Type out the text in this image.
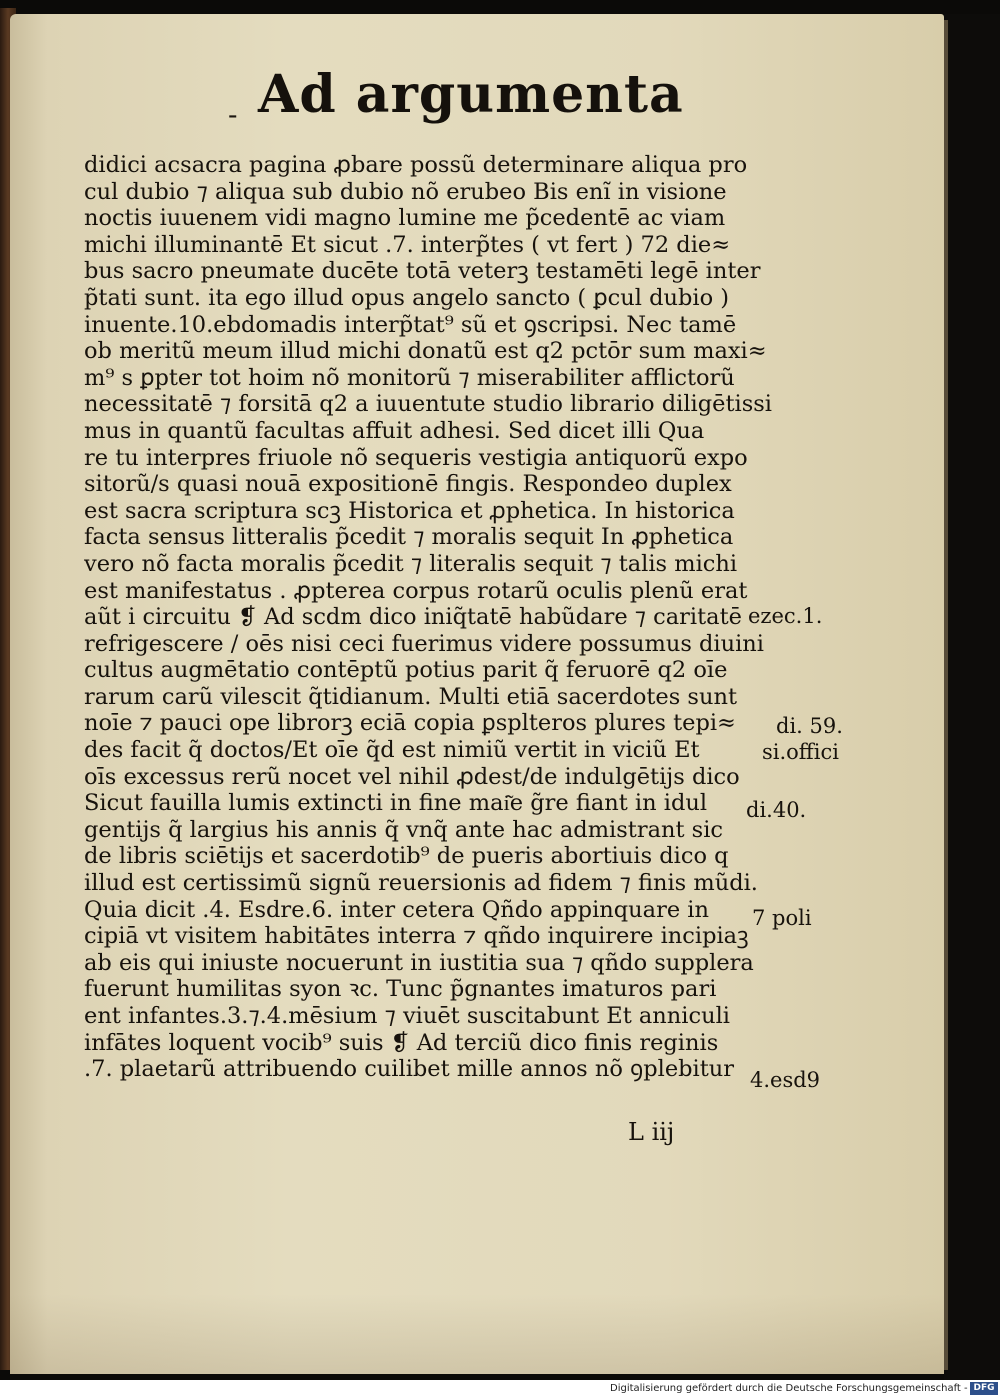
- Ad argumenta
didici acsacra pagina ꝓbare possũ determinare aliqua pro
cul dubio ⁊ aliqua sub dubio nõ erubeo Bis enĩ in visione
noctis iuuenem vidi magno lumine me p̃cedentē ac viam
michi illuminantē Et sicut .7. interp̃tes ( vt fert ) 72 die≈
bus sacro pneumate ducēte totā veterꝫ testamēti legē inter
p̃tati sunt. ita ego illud opus angelo sancto ( ꝑcul dubio )
inuente.10.ebdomadis interp̃tat⁹ sũ et ꝯscripsi. Nec tamē
ob meritũ meum illud michi donatũ est q2 pctōr sum maxi≈
m⁹ s ꝑpter tot hoim nõ monitorũ ⁊ miserabiliter afflictorũ
necessitatē ⁊ forsitā q2 a iuuentute studio librario diligētissi
mus in quantũ facultas affuit adhesi. Sed dicet illi Qua
re tu interpres friuole nõ sequeris vestigia antiquorũ expo
sitorũ/s quasi nouā expositionē fingis. Respondeo duplex
est sacra scriptura scꝫ Historica et ꝓphetica. In historica
facta sensus litteralis p̃cedit ⁊ moralis sequit In ꝓphetica
vero nõ facta moralis p̃cedit ⁊ literalis sequit ⁊ talis michi
est manifestatus . ꝓpterea corpus rotarũ oculis plenũ erat
aũt i circuitu ❡ Ad scdm dico iniq̃tatē habũdare ⁊ caritatē
refrigescere / oēs nisi ceci fuerimus videre possumus diuini
cultus augmētatio contēptũ potius parit q̃ feruorē q2 oīe
rarum carũ vilescit q̃tidianum. Multi etiā sacerdotes sunt
noīe ⁊ pauci ope librorꝫ eciā copia ꝑsplteros plures tepi≈
des facit q̃ doctos/Et oīe q̃d est nimiũ vertit in viciũ Et
oīs excessus rerũ nocet vel nihil ꝓdest/de indulgētijs dico
Sicut fauilla lumis extincti in fine mai͂e g̃re fiant in idul
gentijs q̃ largius his annis q̃ vnq̃ ante hac admistrant sic
de libris sciētijs et sacerdotib⁹ de pueris abortiuis dico q
illud est certissimũ signũ reuersionis ad fidem ⁊ finis mũdi.
Quia dicit .4. Esdre.6. inter cetera Qñdo appinquare in
cipiā vt visitem habitātes interra ⁊ qñdo inquirere incipiaꝫ
ab eis qui iniuste nocuerunt in iustitia sua ⁊ qñdo supplera
fuerunt humilitas syon ꝛc. Tunc p̃gnantes imaturos pari
ent infantes.3.⁊.4.mēsium ⁊ viuēt suscitabunt Et anniculi
infātes loquent vocib⁹ suis ❡ Ad terciũ dico finis reginis
.7. plaetarũ attribuendo cuilibet mille annos nõ ꝯplebitur
L iij
ezec.1.
di. 59.
si.offici
di.40.
7 poli
4.esd9
Digitalisierung gefördert durch die Deutsche Forschungsgemeinschaft - DFG
